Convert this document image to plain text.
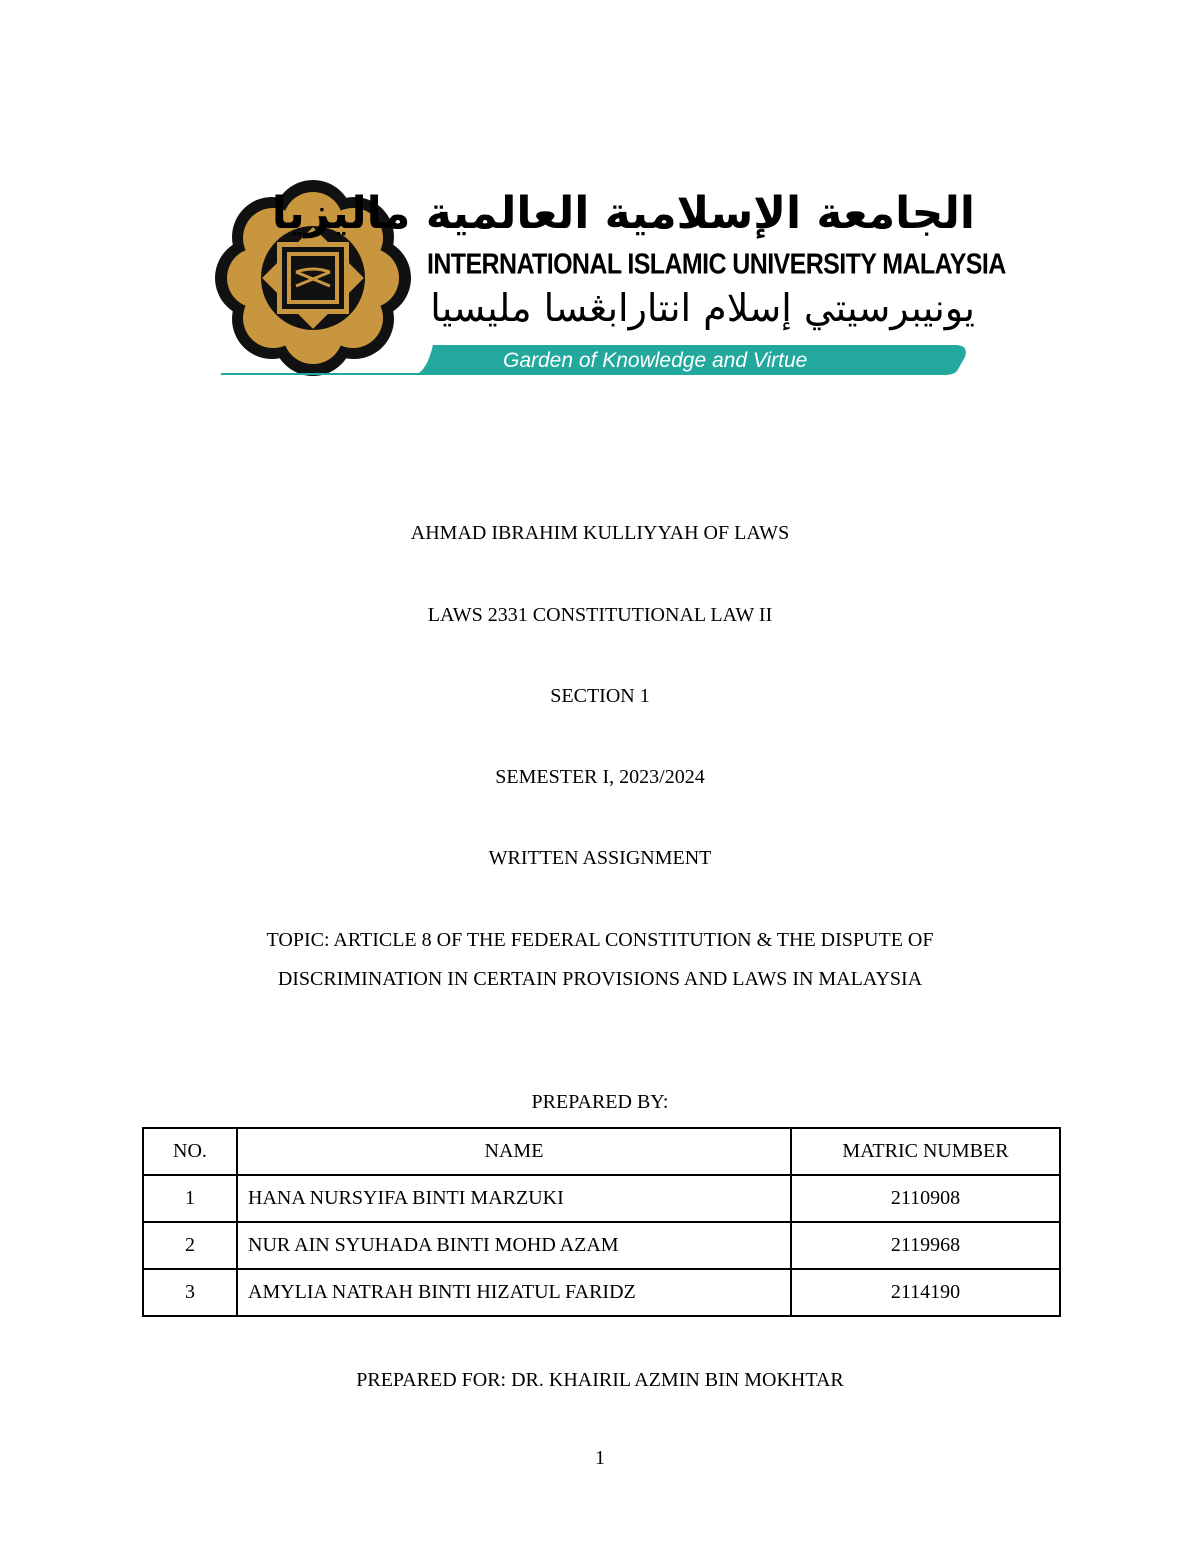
الجامعة الإسلامية العالمية ماليزيا
INTERNATIONAL ISLAMIC UNIVERSITY MALAYSIA
يونيبرسيتي إسلام انتارابڠسا مليسيا
Garden of Knowledge and Virtue
AHMAD IBRAHIM KULLIYYAH OF LAWS
LAWS 2331 CONSTITUTIONAL LAW II
SECTION 1
SEMESTER I, 2023/2024
WRITTEN ASSIGNMENT
TOPIC: ARTICLE 8 OF THE FEDERAL CONSTITUTION & THE DISPUTE OF
DISCRIMINATION IN CERTAIN PROVISIONS AND LAWS IN MALAYSIA
PREPARED BY:
NO.	NAME	MATRIC NUMBER
1	HANA NURSYIFA BINTI MARZUKI	2110908
2	NUR AIN SYUHADA BINTI MOHD AZAM	2119968
3	AMYLIA NATRAH BINTI HIZATUL FARIDZ	2114190
PREPARED FOR: DR. KHAIRIL AZMIN BIN MOKHTAR
1
